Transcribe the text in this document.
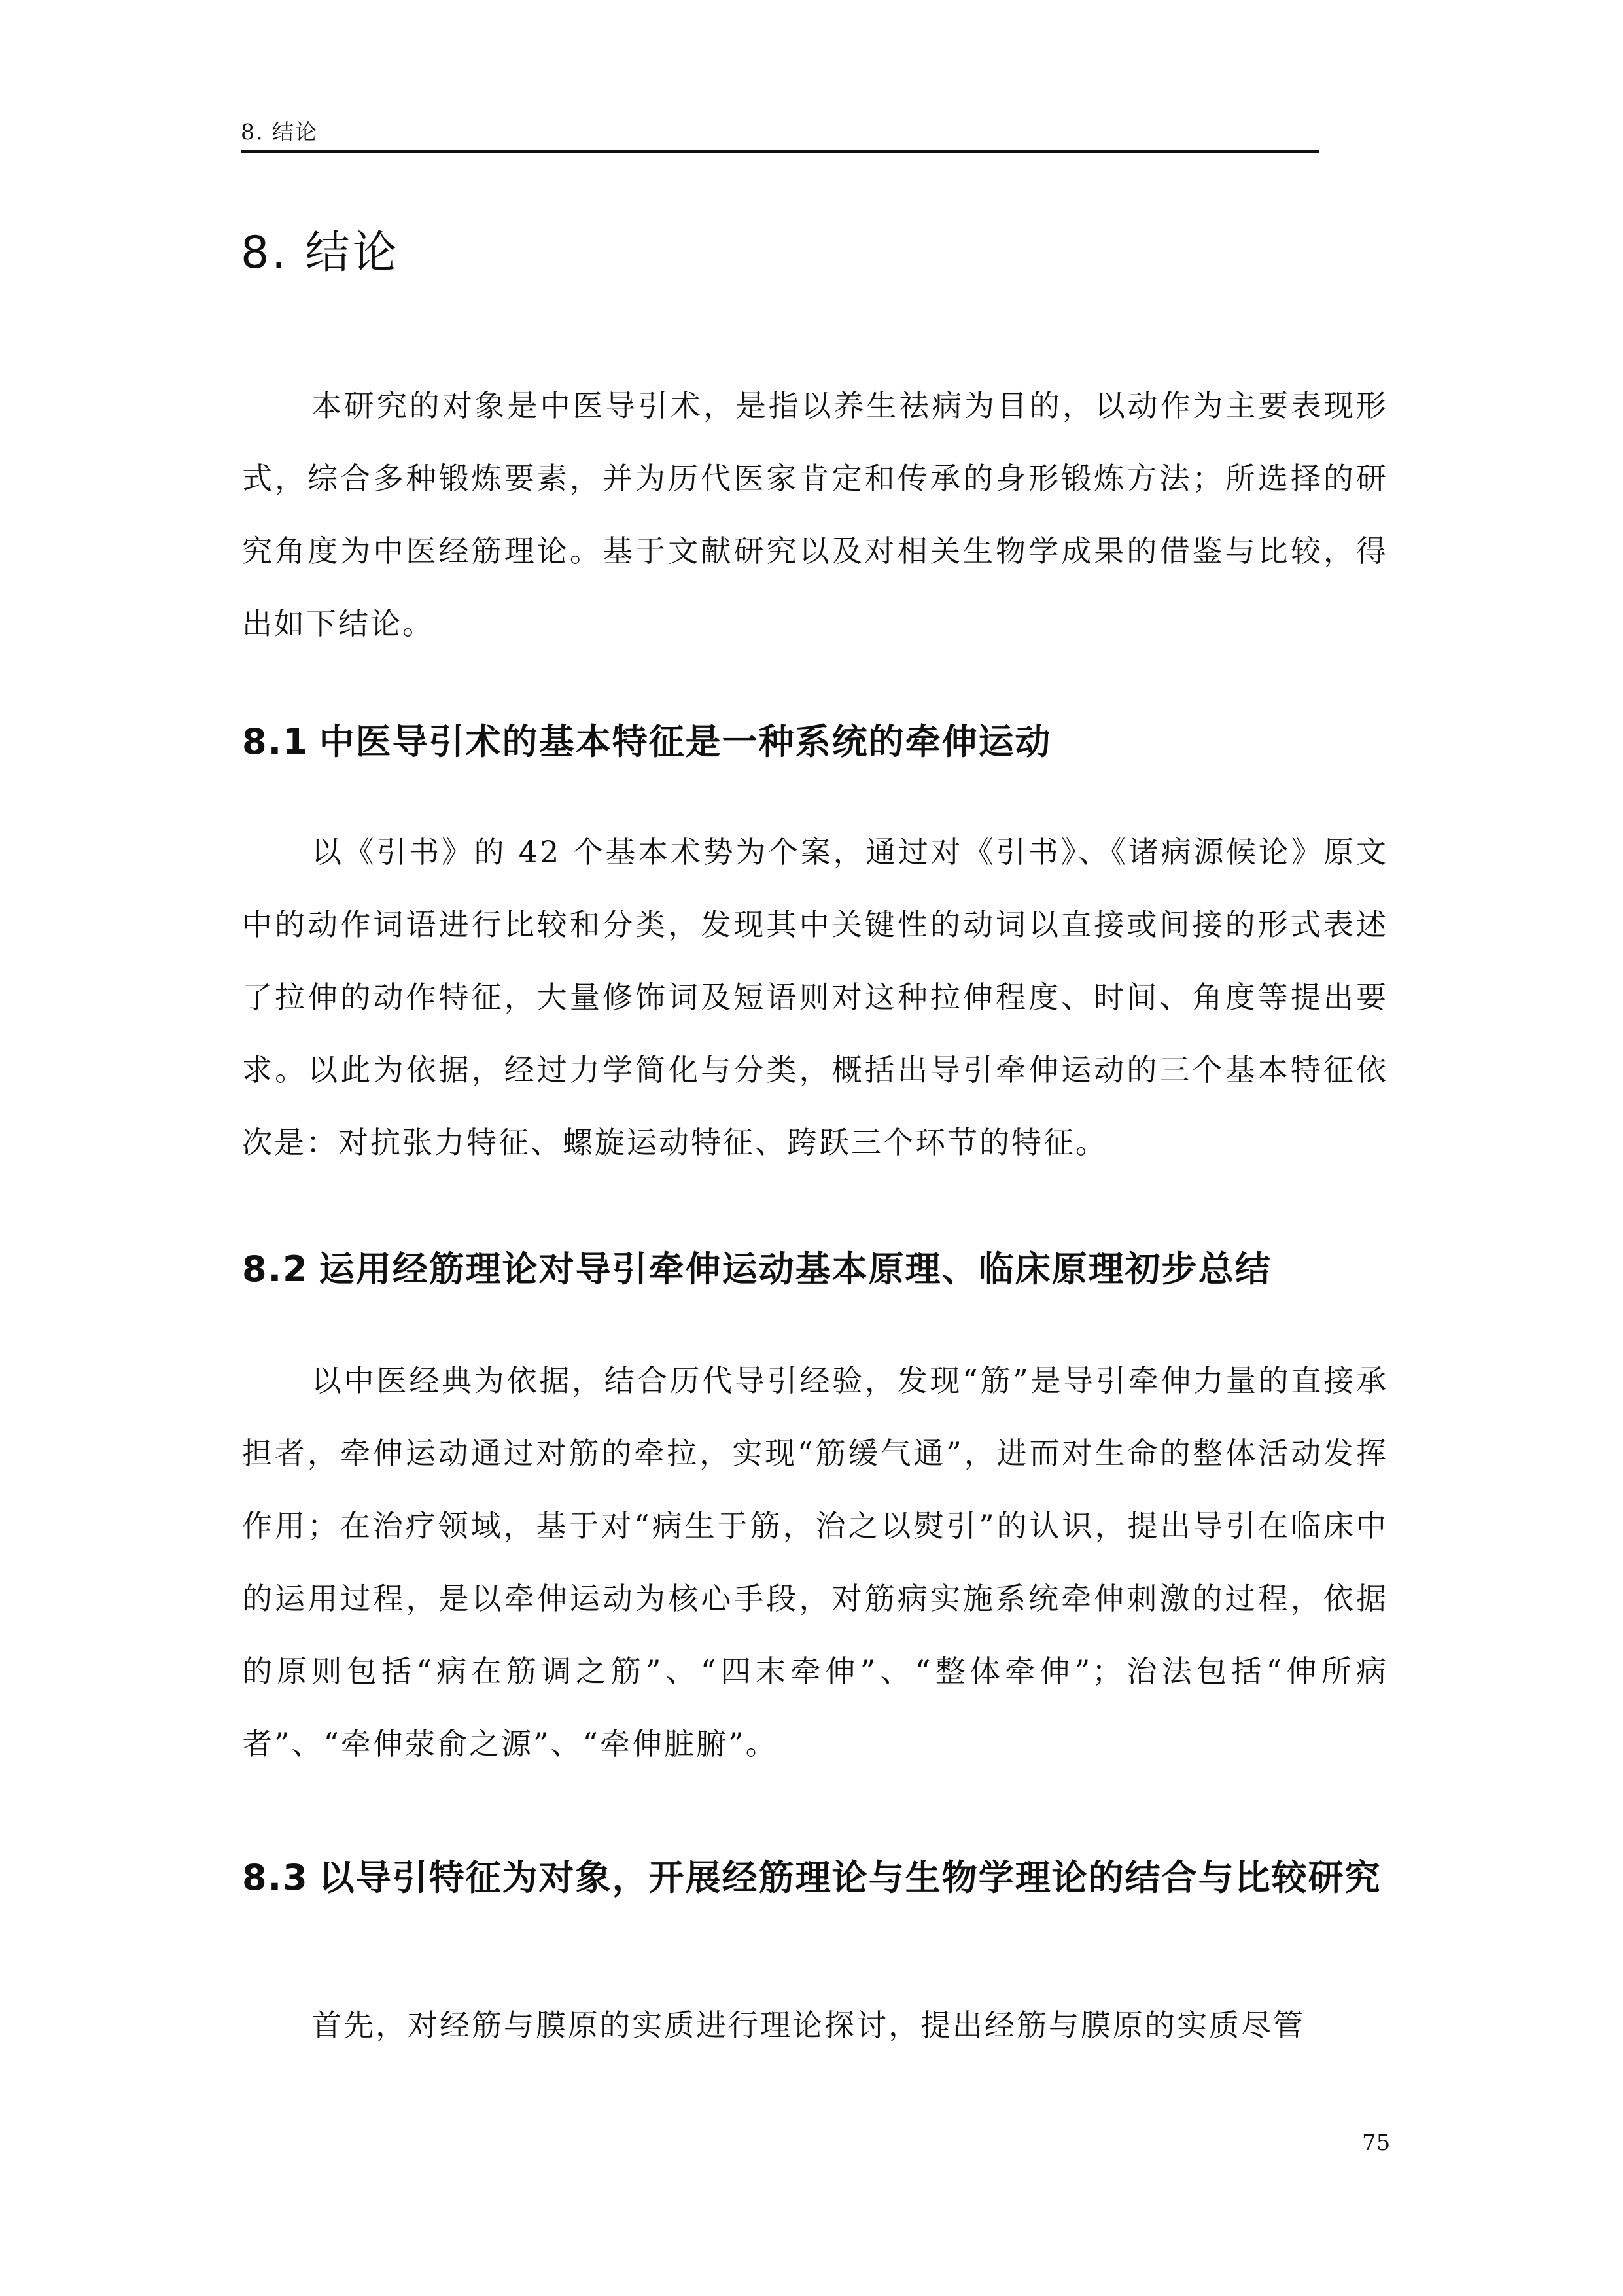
8. 结论
8. 结论

本研究的对象是中医导引术，是指以养生祛病为目的，以动作为主要表现形式，综合多种锻炼要素，并为历代医家肯定和传承的身形锻炼方法；所选择的研究角度为中医经筋理论。基于文献研究以及对相关生物学成果的借鉴与比较，得出如下结论。

8.1 中医导引术的基本特征是一种系统的牵伸运动

以《引书》的 42 个基本术势为个案，通过对《引书》、《诸病源候论》原文中的动作词语进行比较和分类，发现其中关键性的动词以直接或间接的形式表述了拉伸的动作特征，大量修饰词及短语则对这种拉伸程度、时间、角度等提出要求。以此为依据，经过力学简化与分类，概括出导引牵伸运动的三个基本特征依次是：对抗张力特征、螺旋运动特征、跨跃三个环节的特征。

8.2 运用经筋理论对导引牵伸运动基本原理、临床原理初步总结

以中医经典为依据，结合历代导引经验，发现“筋”是导引牵伸力量的直接承担者，牵伸运动通过对筋的牵拉，实现“筋缓气通”，进而对生命的整体活动发挥作用；在治疗领域，基于对“病生于筋，治之以熨引”的认识，提出导引在临床中的运用过程，是以牵伸运动为核心手段，对筋病实施系统牵伸刺激的过程，依据的原则包括“病在筋调之筋”、“四末牵伸”、“整体牵伸”；治法包括“伸所病者”、“牵伸荥俞之源”、“牵伸脏腑”。

8.3 以导引特征为对象，开展经筋理论与生物学理论的结合与比较研究

首先，对经筋与膜原的实质进行理论探讨，提出经筋与膜原的实质尽管

75
